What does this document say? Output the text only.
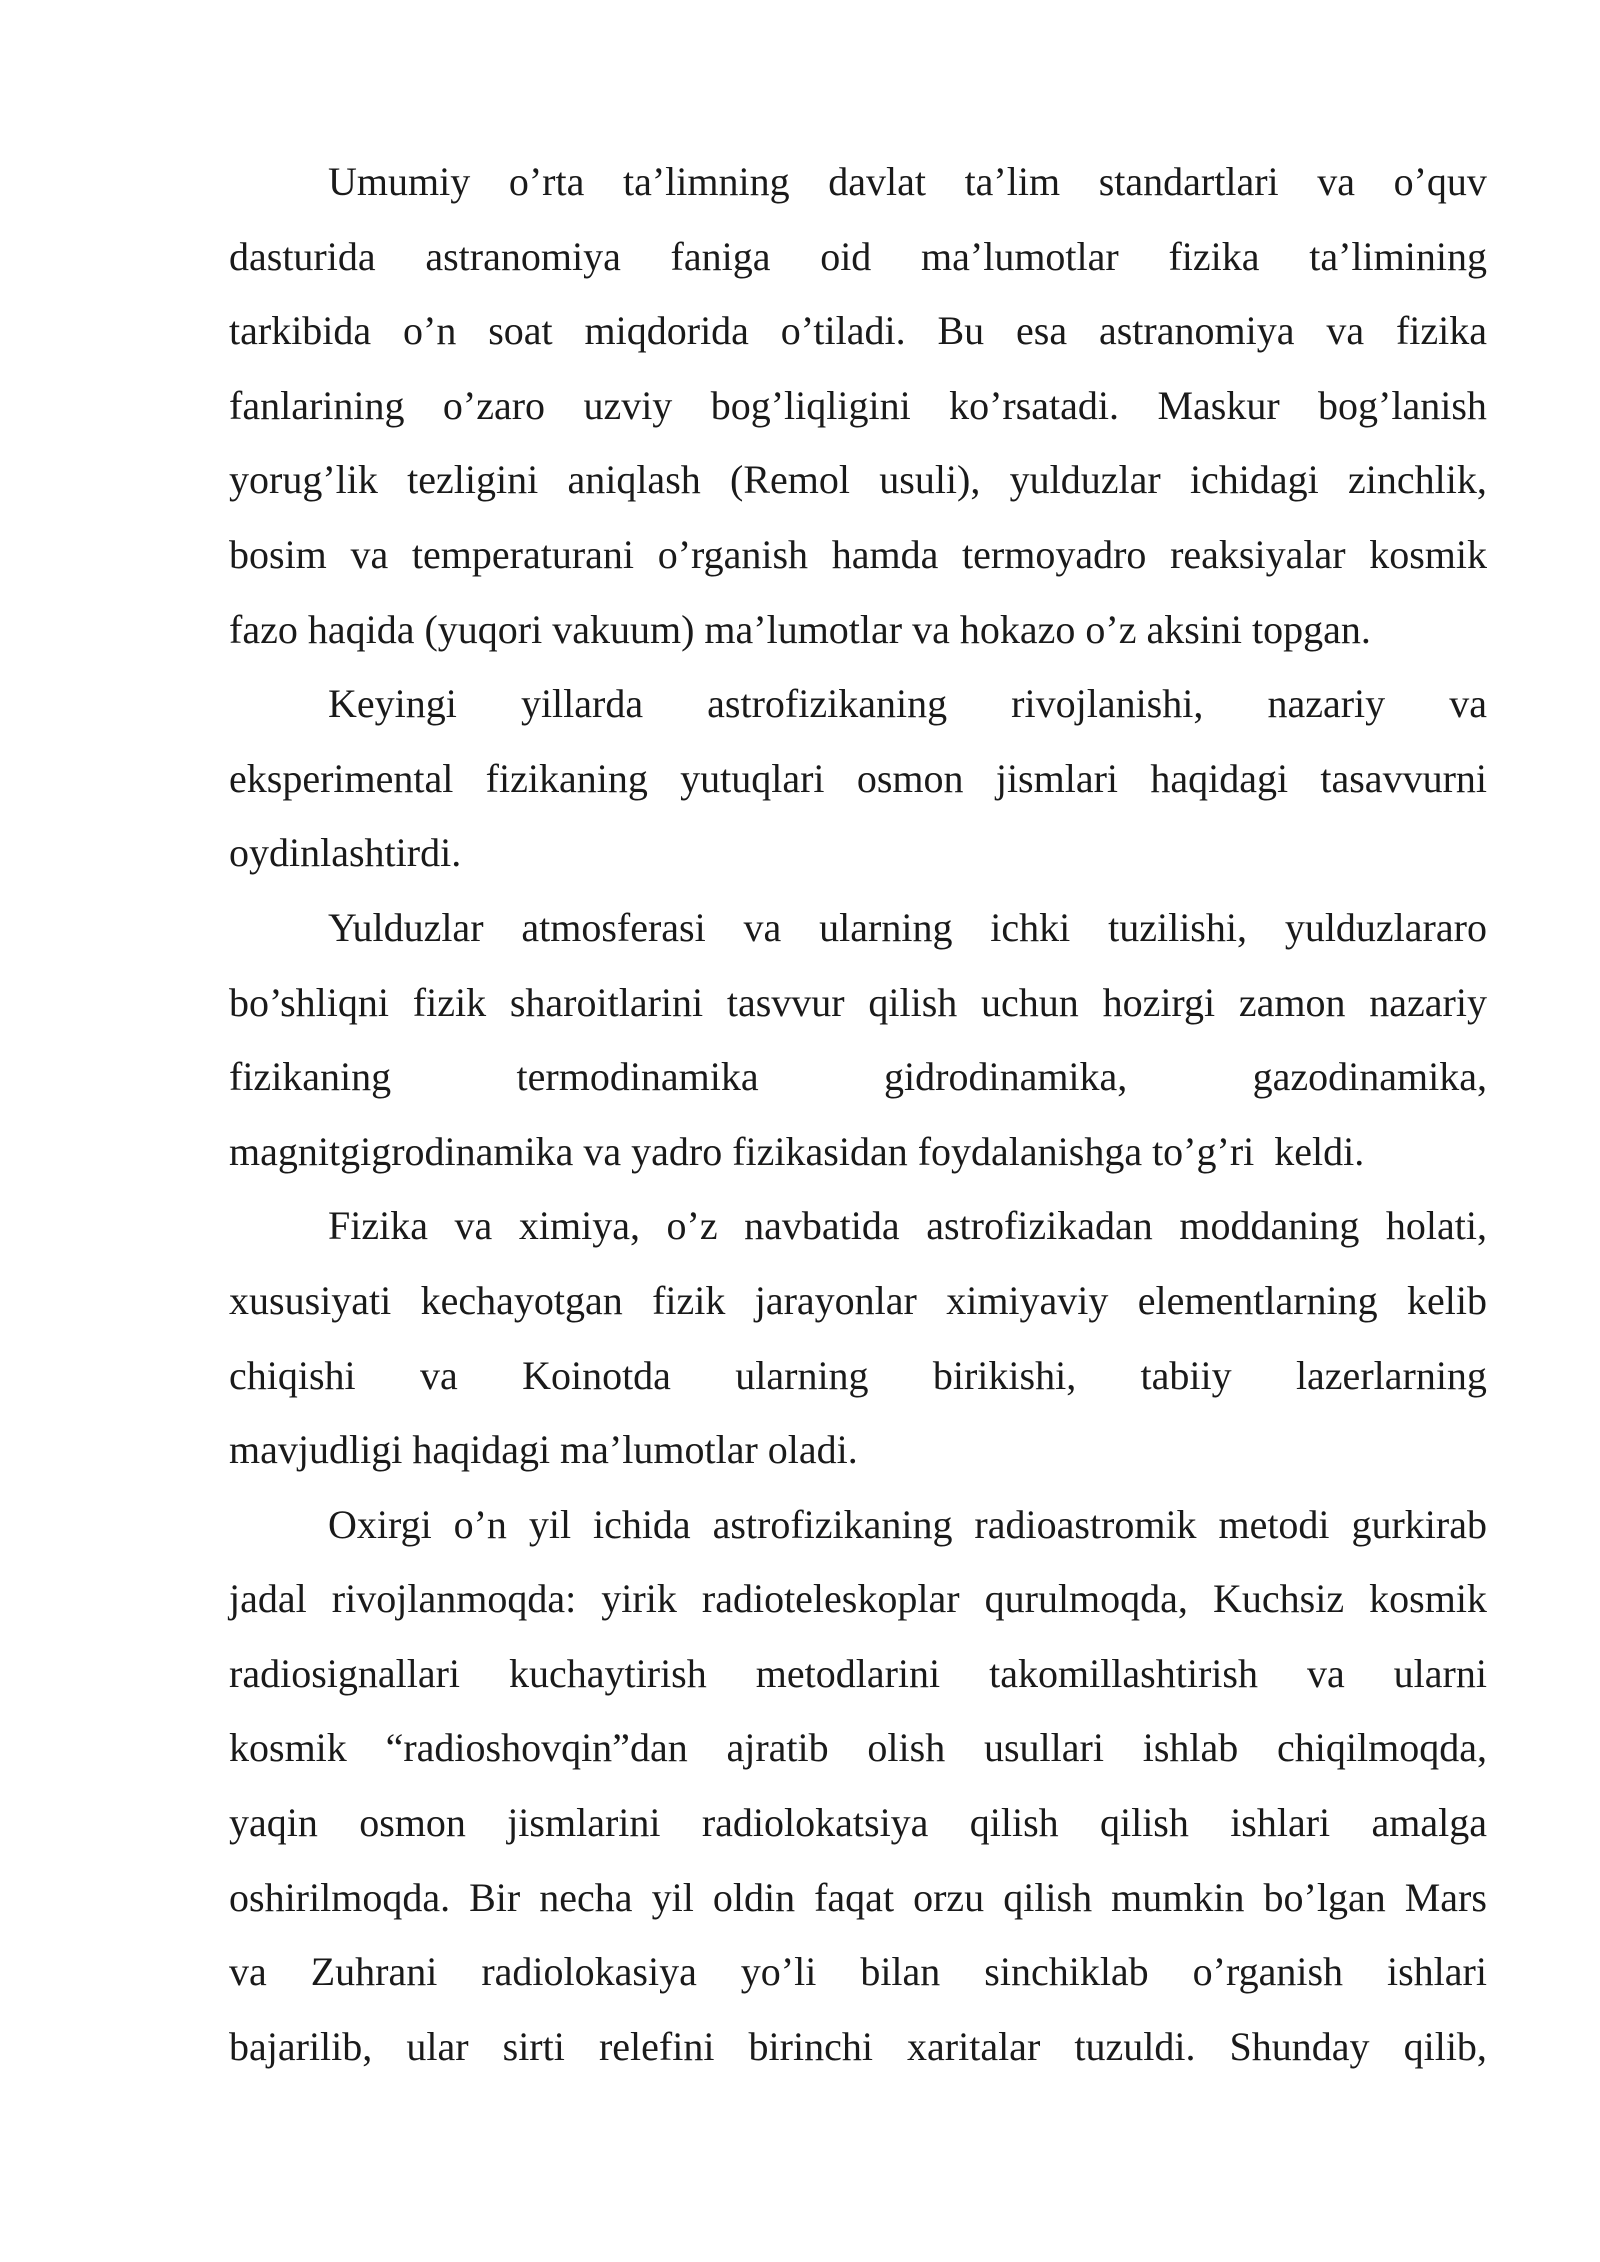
Umumiy o’rta ta’limning davlat ta’lim standartlari va o’quv
dasturida astranomiya faniga oid ma’lumotlar fizika ta’limining
tarkibida o’n soat miqdorida o’tiladi. Bu esa astranomiya va fizika
fanlarining o’zaro uzviy bog’liqligini ko’rsatadi. Maskur bog’lanish
yorug’lik tezligini aniqlash (Remol usuli), yulduzlar ichidagi zinchlik,
bosim va temperaturani o’rganish hamda termoyadro reaksiyalar kosmik
fazo haqida (yuqori vakuum) ma’lumotlar va hokazo o’z aksini topgan.
Keyingi yillarda astrofizikaning rivojlanishi, nazariy va
eksperimental fizikaning yutuqlari osmon jismlari haqidagi tasavvurni
oydinlashtirdi.
Yulduzlar atmosferasi va ularning ichki tuzilishi, yulduzlararo
bo’shliqni fizik sharoitlarini tasvvur qilish uchun hozirgi zamon nazariy
fizikaning	termodinamika	gidrodinamika,	gazodinamika,
magnitgigrodinamika va yadro fizikasidan foydalanishga to’g’ri  keldi.
Fizika va ximiya, o’z navbatida astrofizikadan moddaning holati,
xususiyati kechayotgan fizik jarayonlar ximiyaviy elementlarning kelib
chiqishi va Koinotda ularning birikishi, tabiiy lazerlarning
mavjudligi haqidagi ma’lumotlar oladi.
Oxirgi o’n yil ichida astrofizikaning radioastromik metodi gurkirab
jadal rivojlanmoqda: yirik radioteleskoplar qurulmoqda, Kuchsiz kosmik
radiosignallari kuchaytirish metodlarini takomillashtirish va ularni
kosmik “radioshovqin”dan ajratib olish usullari ishlab chiqilmoqda,
yaqin osmon jismlarini radiolokatsiya qilish qilish ishlari amalga
oshirilmoqda. Bir necha yil oldin faqat orzu qilish mumkin bo’lgan Mars
va Zuhrani radiolokasiya yo’li bilan sinchiklab o’rganish ishlari
bajarilib, ular sirti relefini birinchi xaritalar tuzuldi. Shunday qilib,
